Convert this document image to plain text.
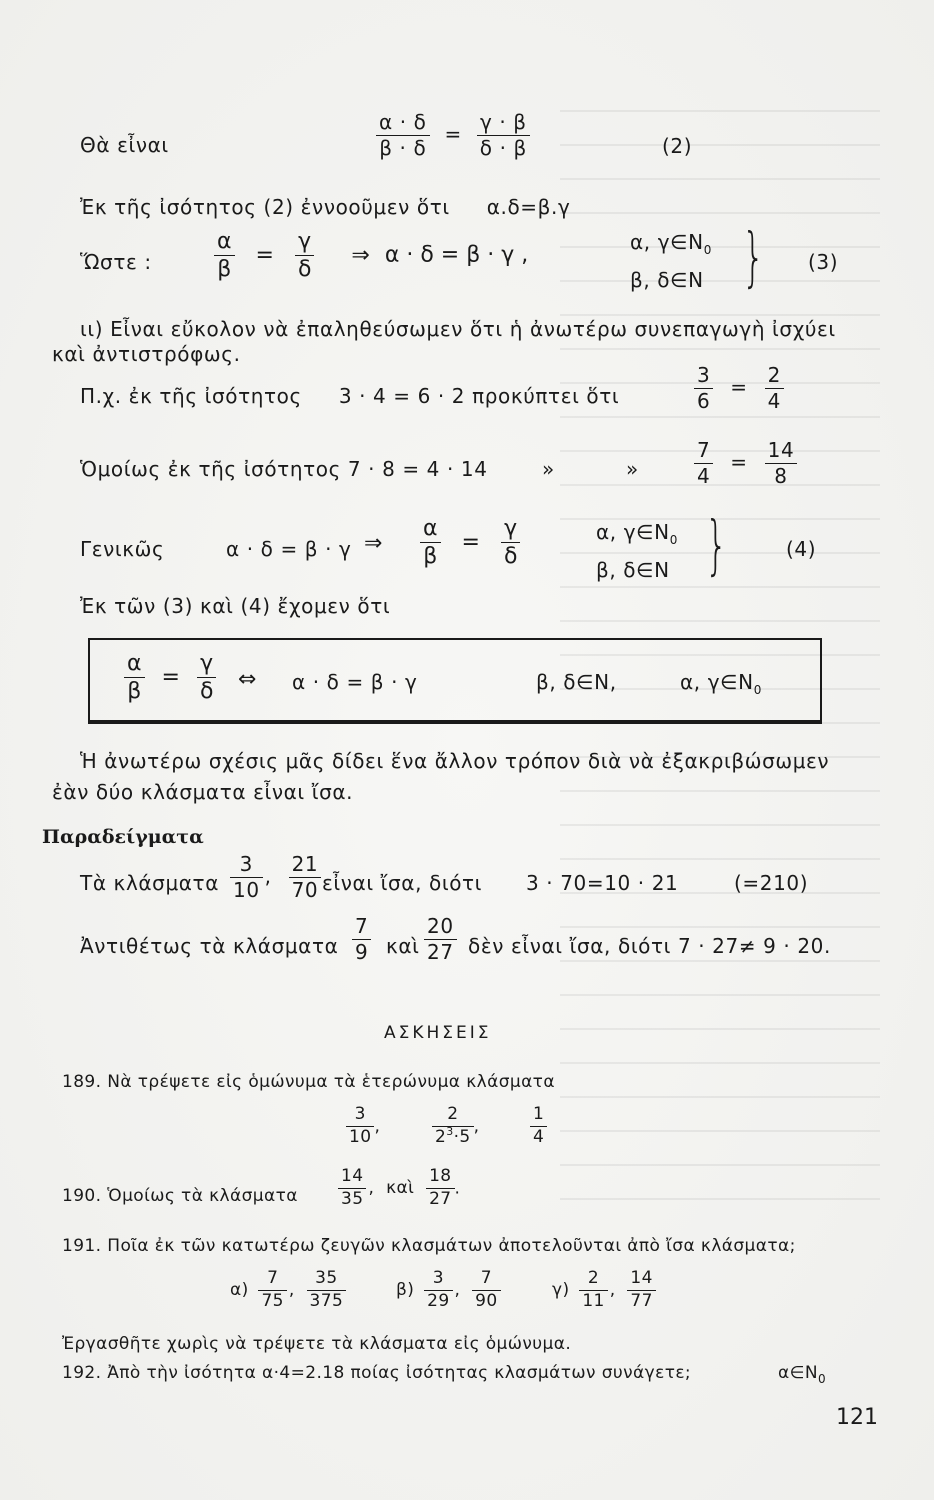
Θὰ εἶναι	$\frac{\alpha \cdot \delta}{\beta \cdot \delta} = \frac{\gamma \cdot \beta}{\delta \cdot \beta}$	(2)
Ἐκ τῆς ἰσότητος (2) ἐννοοῦμεν ὅτι α.δ=β.γ
Ὥστε :	$\frac{\alpha}{\beta} = \frac{\gamma}{\delta}$ ⇒ α · δ = β · γ ,
α, $\gamma\in N_0$
β, δ∈N } (3)
ιι) Εἶναι εὔκολον νὰ ἐπαληθεύσωμεν ὅτι ἡ ἀνωτέρω συνεπαγωγὴ ἰσχύει
καὶ ἀντιστρόφως.
Π.χ. ἐκ τῆς ἰσότητος 3 · 4 = 6 · 2 προκύπτει ὅτι	$\frac{3}{6} = \frac{2}{4}$
Ὁμοίως ἐκ τῆς ἰσότητος 7 · 8 = 4 · 14	»	»	$\frac{7}{4} = \frac{14}{8}$
Γενικῶς	α · δ = β · γ ⇒ $\frac{\alpha}{\beta} = \frac{\gamma}{\delta}$	α, $\gamma\in N_0$
β, δ∈N }	(4)
Ἐκ τῶν (3) καὶ (4) ἔχομεν ὅτι
$\frac{\alpha}{\beta} = \frac{\gamma}{\delta}$ ⇔ α · δ = β · γ	β, δ∈N,	α, $\gamma\in N_0$
Ἡ ἀνωτέρω σχέσις μᾶς δίδει ἕνα ἄλλον τρόπον διὰ νὰ ἐξακριβώσωμεν
ἐὰν δύο κλάσματα εἶναι ἴσα.
Παραδείγματα
Τὰ κλάσματα $\frac{3}{10}$ , $\frac{21}{70}$ εἶναι ἴσα, διότι 3 · 70=10 · 21	(=210)
Ἀντιθέτως τὰ κλάσματα $\frac{7}{9}$ καὶ $\frac{20}{27}$ δὲν εἶναι ἴσα, διότι 7 · 27≠ 9 · 20.
ΑΣΚΗΣΕΙΣ
189. Νὰ τρέψετε εἰς ὁμώνυμα τὰ ἑτερώνυμα κλάσματα
$\frac{3}{10}$ ,	$\frac{2}{2^3\cdot 5}$ ,	$\frac{1}{4}$
190. Ὁμοίως τὰ κλάσματα $\frac{14}{35}$ , καὶ $\frac{18}{27}$ .
191. Ποῖα ἐκ τῶν κατωτέρω ζευγῶν κλασμάτων ἀποτελοῦνται ἀπὸ ἴσα κλάσματα;
$\alpha) \frac{7}{75}$ , $\frac{35}{375}$	$\beta) \frac{3}{29}$ , $\frac{7}{90}$	$\gamma) \frac{2}{11}$ , $\frac{14}{77}$
Ἐργασθῆτε χωρὶς νὰ τρέψετε τὰ κλάσματα εἰς ὁμώνυμα.
192. Ἀπὸ τὴν ἰσότητα α·4=2.18 ποίας ἰσότητας κλασμάτων συνάγετε;	$\alpha\in N_0$
121
